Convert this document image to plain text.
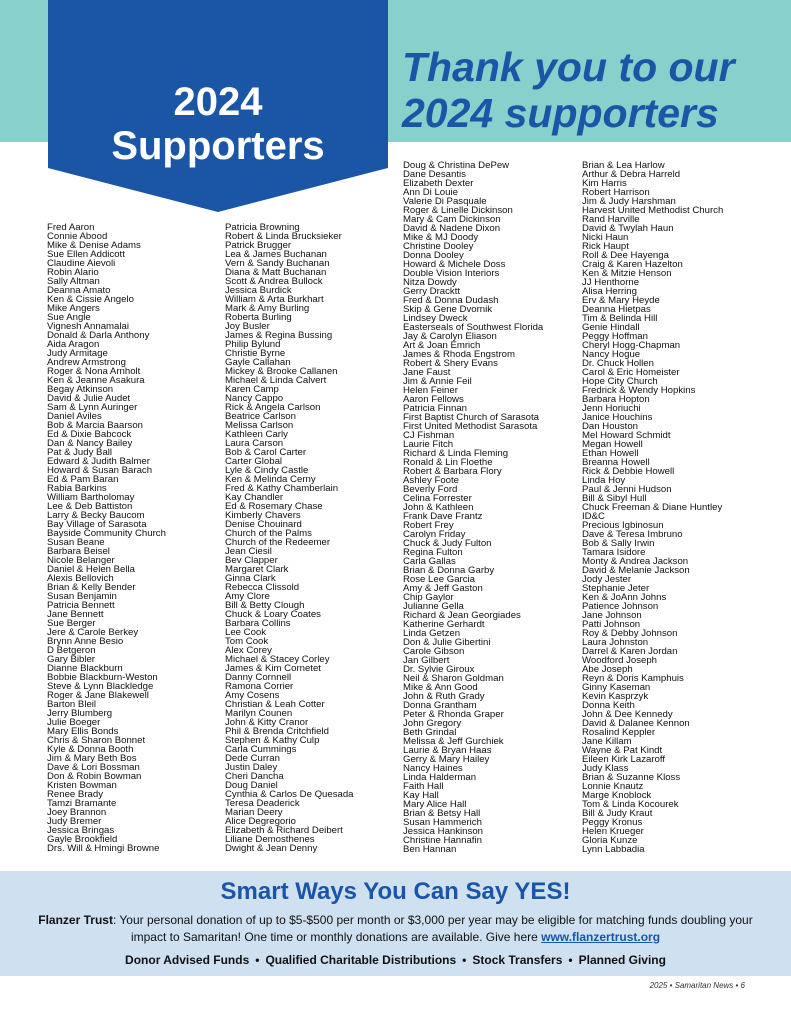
2024
Supporters
Thank you to our
2024 supporters
Fred Aaron
Connie Abood
Mike & Denise Adams
Sue Ellen Addicott
Claudine Aievoli
Robin Alario
Sally Altman
Deanna Amato
Ken & Cissie Angelo
Mike Angers
Sue Angle
Vignesh Annamalai
Donald & Darla Anthony
Aida Aragon
Judy Armitage
Andrew Armstrong
Roger & Nona Arnholt
Ken & Jeanne Asakura
Begay Atkinson
David & Julie Audet
Sam & Lynn Auringer
Daniel Aviles
Bob & Marcia Baarson
Ed & Dixie Babcock
Dan & Nancy Bailey
Pat & Judy Ball
Edward & Judith Balmer
Howard & Susan Barach
Ed & Pam Baran
Rabia Barkins
William Bartholomay
Lee & Deb Battiston
Larry & Becky Baucom
Bay Village of Sarasota
Bayside Community Church
Susan Beane
Barbara Beisel
Nicole Belanger
Daniel & Helen Bella
Alexis Bellovich
Brian & Kelly Bender
Susan Benjamin
Patricia Bennett
Jane Bennett
Sue Berger
Jere & Carole Berkey
Brynn Anne Besio
D Betgeron
Gary Bibler
Dianne Blackburn
Bobbie Blackburn-Weston
Steve & Lynn Blackledge
Roger & Jane Blakewell
Barton Bleil
Jerry Blumberg
Julie Boeger
Mary Ellis Bonds
Chris & Sharon Bonnet
Kyle & Donna Booth
Jim & Mary Beth Bos
Dave & Lori Bossman
Don & Robin Bowman
Kristen Bowman
Renee Brady
Tamzi Bramante
Joey Brannon
Judy Bremer
Jessica Bringas
Gayle Brookfield
Drs. Will & Hmingi Browne
Patricia Browning
Robert & Linda Brucksieker
Patrick Brugger
Lea & James Buchanan
Vern & Sandy Buchanan
Diana & Matt Buchanan
Scott & Andrea Bullock
Jessica Burdick
William & Arta Burkhart
Mark & Amy Burling
Roberta Burling
Joy Busler
James & Regina Bussing
Philip Bylund
Christie Byrne
Gayle Callahan
Mickey & Brooke Callanen
Michael & Linda Calvert
Karen Camp
Nancy Cappo
Rick & Angela Carlson
Beatrice Carlson
Melissa Carlson
Kathleen Carly
Laura Carson
Bob & Carol Carter
Carter Global
Lyle & Cindy Castle
Ken & Melinda Cerny
Fred & Kathy Chamberlain
Kay Chandler
Ed & Rosemary Chase
Kimberly Chavers
Denise Chouinard
Church of the Palms
Church of the Redeemer
Jean Ciesil
Bev Clapper
Margaret Clark
Ginna Clark
Rebecca Clissold
Amy Clore
Bill & Betty Clough
Chuck & Loary Coates
Barbara Collins
Lee Cook
Tom Cook
Alex Corey
Michael & Stacey Corley
James & Kim Cornetet
Danny Cornnell
Ramona Corrier
Amy Cosens
Christian & Leah Cotter
Marilyn Counen
John & Kitty Cranor
Phil & Brenda Critchfield
Stephen & Kathy Culp
Carla Cummings
Dede Curran
Justin Daley
Cheri Dancha
Doug Daniel
Cynthia & Carlos De Quesada
Teresa Deaderick
Marian Deery
Alice Degregorio
Elizabeth & Richard Deibert
Liliane Demosthenes
Dwight & Jean Denny
Doug & Christina DePew
Dane Desantis
Elizabeth Dexter
Ann Di Louie
Valerie Di Pasquale
Roger & Linelle Dickinson
Mary & Cam Dickinson
David & Nadene Dixon
Mike & MJ Doody
Christine Dooley
Donna Dooley
Howard & Michele Doss
Double Vision Interiors
Nitza Dowdy
Gerry Dracktt
Fred & Donna Dudash
Skip & Gene Dvornik
Lindsey Dweck
Easterseals of Southwest Florida
Jay & Carolyn Eliason
Art & Joan Emrich
James & Rhoda Engstrom
Robert & Shery Evans
Jane Faust
Jim & Annie Feil
Helen Feiner
Aaron Fellows
Patricia Finnan
First Baptist Church of Sarasota
First United Methodist Sarasota
CJ Fishman
Laurie Fitch
Richard & Linda Fleming
Ronald & Lin Floethe
Robert & Barbara Flory
Ashley Foote
Beverly Ford
Celina Forrester
John & Kathleen
Frank Dave Frantz
Robert Frey
Carolyn Friday
Chuck & Judy Fulton
Regina Fulton
Carla Gallas
Brian & Donna Garby
Rose Lee Garcia
Amy & Jeff Gaston
Chip Gaylor
Julianne Gella
Richard & Jean Georgiades
Katherine Gerhardt
Linda Getzen
Don & Julie Gibertini
Carole Gibson
Jan Gilbert
Dr. Sylvie Giroux
Neil & Sharon Goldman
Mike & Ann Good
John & Ruth Grady
Donna Grantham
Peter & Rhonda Graper
John Gregory
Beth Grindal
Melissa & Jeff Gurchiek
Laurie & Bryan Haas
Gerry & Mary Hailey
Nancy Haines
Linda Halderman
Faith Hall
Kay Hall
Mary Alice Hall
Brian & Betsy Hall
Susan Hammerich
Jessica Hankinson
Christine Hannafin
Ben Hannan
Brian & Lea Harlow
Arthur & Debra Harreld
Kim Harris
Robert Harrison
Jim & Judy Harshman
Harvest United Methodist Church
Rand Harville
David & Twylah Haun
Nicki Haun
Rick Haupt
Roll & Dee Hayenga
Craig & Karen Hazelton
Ken & Mitzie Henson
JJ Henthorne
Alisa Herring
Erv & Mary Heyde
Deanna Hietpas
Tim & Belinda Hill
Genie Hindall
Peggy Hoffman
Cheryl Hogg-Chapman
Nancy Hogue
Dr. Chuck Hollen
Carol & Eric Homeister
Hope City Church
Fredrick & Wendy Hopkins
Barbara Hopton
Jenn Horiuchi
Janice Houchins
Dan Houston
Mel Howard Schmidt
Megan Howell
Ethan Howell
Breanna Howell
Rick & Debbie Howell
Linda Hoy
Paul & Jenni Hudson
Bill & Sibyl Hull
Chuck Freeman & Diane Huntley
ID&C
Precious Igbinosun
Dave & Teresa Imbruno
Bob & Sally Irwin
Tamara Isidore
Monty & Andrea Jackson
David & Melanie Jackson
Jody Jester
Stephanie Jeter
Ken & JoAnn Johns
Patience Johnson
Jane Johnson
Patti Johnson
Roy & Debby Johnson
Laura Johnston
Darrel & Karen Jordan
Woodford Joseph
Abe Joseph
Reyn & Doris Kamphuis
Ginny Kaseman
Kevin Kasprzyk
Donna Keith
John & Dee Kennedy
David & Dalanee Kennon
Rosalind Keppler
Jane Killam
Wayne & Pat Kindt
Eileen Kirk Lazaroff
Judy Klass
Brian & Suzanne Kloss
Lonnie Knautz
Marge Knoblock
Tom & Linda Kocourek
Bill & Judy Kraut
Peggy Kronus
Helen Krueger
Gloria Kunze
Lynn Labbadia
Smart Ways You Can Say YES!
Flanzer Trust: Your personal donation of up to $5-$500 per month or $3,000 per year may be eligible for matching funds doubling your impact to Samaritan! One time or monthly donations are available. Give here www.flanzertrust.org
Donor Advised Funds • Qualified Charitable Distributions • Stock Transfers • Planned Giving
2025 • Samaritan News • 6
